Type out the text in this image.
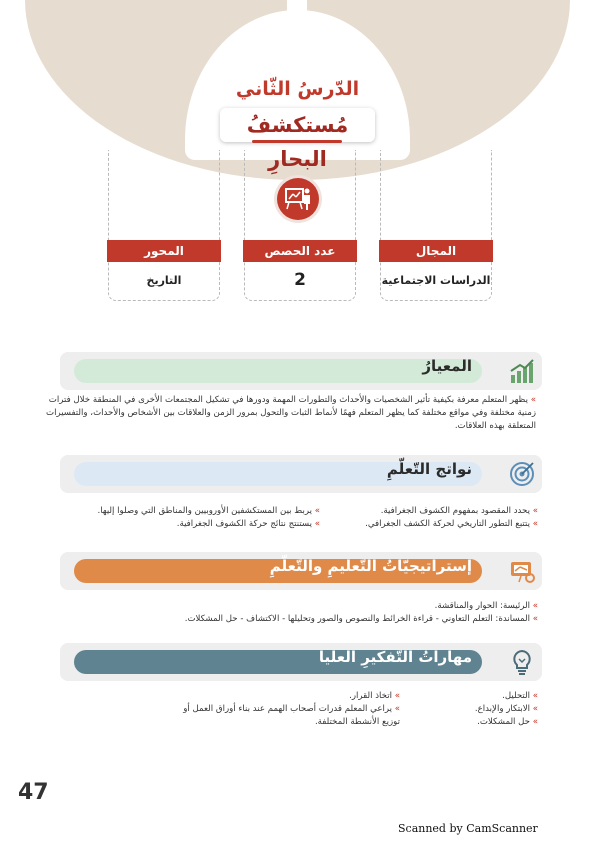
الدّرسُ الثّاني
مُستكشفُ البحارِ
المحور
التاريخ
عدد الحصص
2
المجال
الدراسات الاجتماعية
المعيارُ
» يظهر المتعلم معرفة بكيفية تأثير الشخصيات والأحداث والتطورات المهمة ودورها في تشكيل المجتمعات الأخرى في المنطقة خلال فترات زمنية مختلفة وفي مواقع مختلفة كما يظهر المتعلم فهمًا لأنماط الثبات والتحول بمرور الزمن والعلاقات بين الأشخاص والأحداث، والتفسيرات المتعلقة بهذه العلاقات.
نواتج التّعلّمِ
» يحدد المقصود بمفهوم الكشوف الجغرافية.
» يتتبع التطور التاريخي لحركة الكشف الجغرافي.
» يربط بين المستكشفين الأوروبيين والمناطق التي وصلوا إليها.
» يستنتج نتائج حركة الكشوف الجغرافية.
إستراتيجيّاتُ التّعليمِ والتّعلّمِ
» الرئيسة: الحوار والمناقشة.
» المساندة: التعلم التعاوني - قراءة الخرائط والنصوص والصور وتحليلها - الاكتشاف - حل المشكلات.
مهاراتُ التّفكيرِ العليا
» التحليل.
» الابتكار والإبداع.
» حل المشكلات.
» اتخاذ القرار.
» يراعي المعلم قدرات أصحاب الهمم عند بناء أوراق العمل أو توزيع الأنشطة المختلفة.
47
Scanned by CamScanner
